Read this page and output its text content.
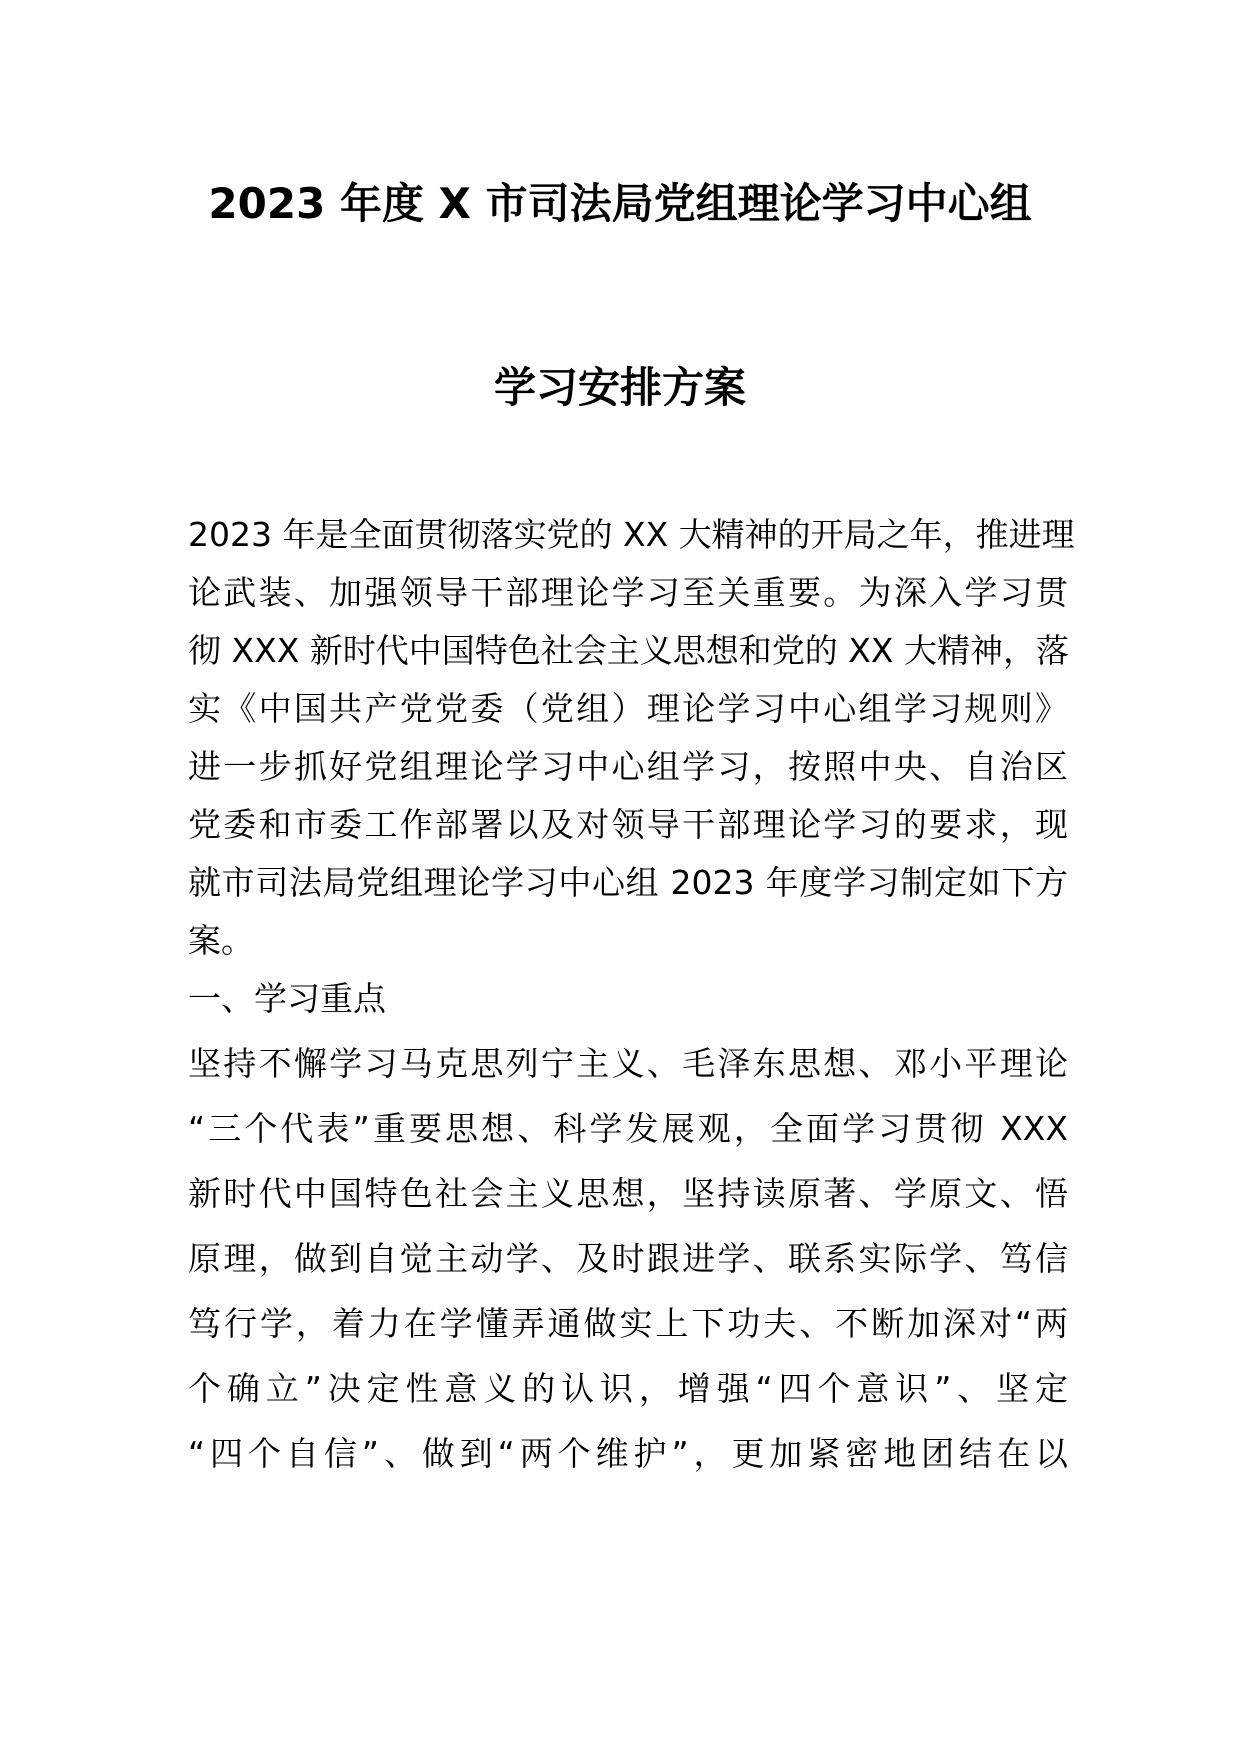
2023 年度 X 市司法局党组理论学习中心组
学习安排方案
2023 年是全面贯彻落实党的 XX 大精神的开局之年，推进理
论武装、加强领导干部理论学习至关重要。为深入学习贯
彻 XXX 新时代中国特色社会主义思想和党的 XX 大精神，落
实《中国共产党党委（党组）理论学习中心组学习规则》
进一步抓好党组理论学习中心组学习，按照中央、自治区
党委和市委工作部署以及对领导干部理论学习的要求，现
就市司法局党组理论学习中心组 2023 年度学习制定如下方
案。
一、学习重点
坚持不懈学习马克思列宁主义、毛泽东思想、邓小平理论
“三个代表”重要思想、科学发展观，全面学习贯彻 XXX
新时代中国特色社会主义思想，坚持读原著、学原文、悟
原理，做到自觉主动学、及时跟进学、联系实际学、笃信
笃行学，着力在学懂弄通做实上下功夫、不断加深对“两
个确立”决定性意义的认识，增强“四个意识”、坚定
“四个自信”、做到“两个维护”，更加紧密地团结在以
